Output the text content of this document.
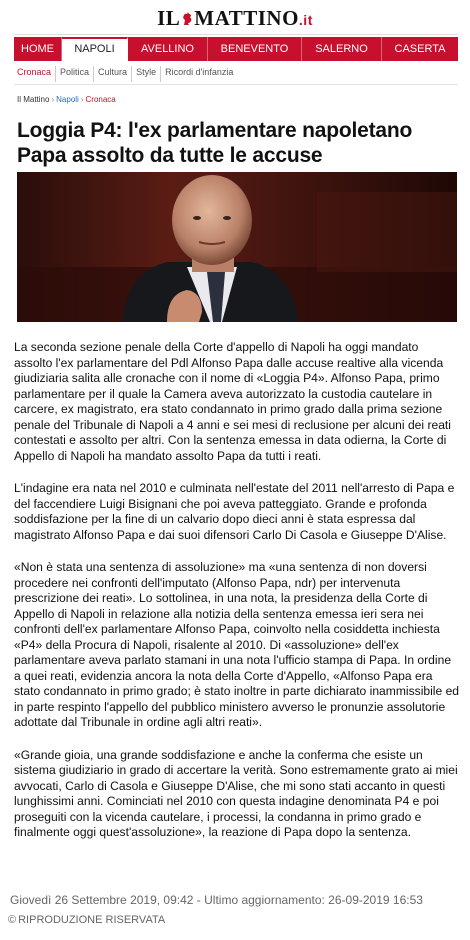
IL MATTINO.it
HOME	NAPOLI	AVELLINO	BENEVENTO	SALERNO	CASERTA
Cronaca	Politica	Cultura	Style	Ricordi d'infanzia
Il Mattino › Napoli › Cronaca
Loggia P4: l'ex parlamentare napoletano Papa assolto da tutte le accuse

La seconda sezione penale della Corte d'appello di Napoli ha oggi mandato assolto l'ex parlamentare del Pdl Alfonso Papa dalle accuse realtive alla vicenda giudiziaria salita alle cronache con il nome di «Loggia P4». Alfonso Papa, primo parlamentare per il quale la Camera aveva autorizzato la custodia cautelare in carcere, ex magistrato, era stato condannato in primo grado dalla prima sezione penale del Tribunale di Napoli a 4 anni e sei mesi di reclusione per alcuni dei reati contestati e assolto per altri. Con la sentenza emessa in data odierna, la Corte di Appello di Napoli ha mandato assolto Papa da tutti i reati.

L'indagine era nata nel 2010 e culminata nell'estate del 2011 nell'arresto di Papa e del faccendiere Luigi Bisignani che poi aveva patteggiato. Grande e profonda soddisfazione per la fine di un calvario dopo dieci anni è stata espressa dal magistrato Alfonso Papa e dai suoi difensori Carlo Di Casola e Giuseppe D'Alise.

«Non è stata una sentenza di assoluzione» ma «una sentenza di non doversi procedere nei confronti dell'imputato (Alfonso Papa, ndr) per intervenuta prescrizione dei reati». Lo sottolinea, in una nota, la presidenza della Corte di Appello di Napoli in relazione alla notizia della sentenza emessa ieri sera nei confronti dell'ex parlamentare Alfonso Papa, coinvolto nella cosiddetta inchiesta «P4» della Procura di Napoli, risalente al 2010. Di «assoluzione» dell'ex parlamentare aveva parlato stamani in una nota l'ufficio stampa di Papa. In ordine a quei reati, evidenzia ancora la nota della Corte d'Appello, «Alfonso Papa era stato condannato in primo grado; è stato inoltre in parte dichiarato inammissibile ed in parte respinto l'appello del pubblico ministero avverso le pronunzie assolutorie adottate dal Tribunale in ordine agli altri reati».

«Grande gioia, una grande soddisfazione e anche la conferma che esiste un sistema giudiziario in grado di accertare la verità. Sono estremamente grato ai miei avvocati, Carlo di Casola e Giuseppe D'Alise, che mi sono stati accanto in questi lunghissimi anni. Cominciati nel 2010 con questa indagine denominata P4 e poi proseguiti con la vicenda cautelare, i processi, la condanna in primo grado e finalmente oggi quest'assoluzione», la reazione di Papa dopo la sentenza.

Giovedì 26 Settembre 2019, 09:42 - Ultimo aggiornamento: 26-09-2019 16:53
© RIPRODUZIONE RISERVATA
